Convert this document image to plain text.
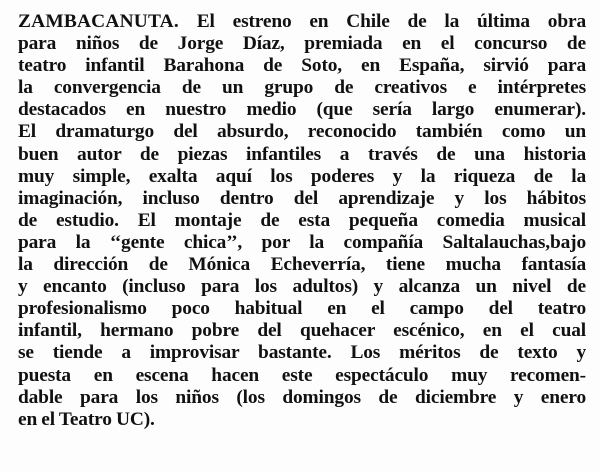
ZAMBACANUTA. El estreno en Chile de la última obra
para niños de Jorge Díaz, premiada en el concurso de
teatro infantil Barahona de Soto, en España, sirvió para
la convergencia de un grupo de creativos e intérpretes
destacados en nuestro medio (que sería largo enumerar).
El dramaturgo del absurdo, reconocido también como un
buen autor de piezas infantiles a través de una historia
muy simple, exalta aquí los poderes y la riqueza de la
imaginación, incluso dentro del aprendizaje y los hábitos
de estudio. El montaje de esta pequeña comedia musical
para la ‘‘gente chica’’, por la compañía Saltalauchas,bajo
la dirección de Mónica Echeverría, tiene mucha fantasía
y encanto (incluso para los adultos) y alcanza un nivel de
profesionalismo poco habitual en el campo del teatro
infantil, hermano pobre del quehacer escénico, en el cual
se tiende a improvisar bastante. Los méritos de texto y
puesta en escena hacen este espectáculo muy recomen-
dable para los niños (los domingos de diciembre y enero
en el Teatro UC).
